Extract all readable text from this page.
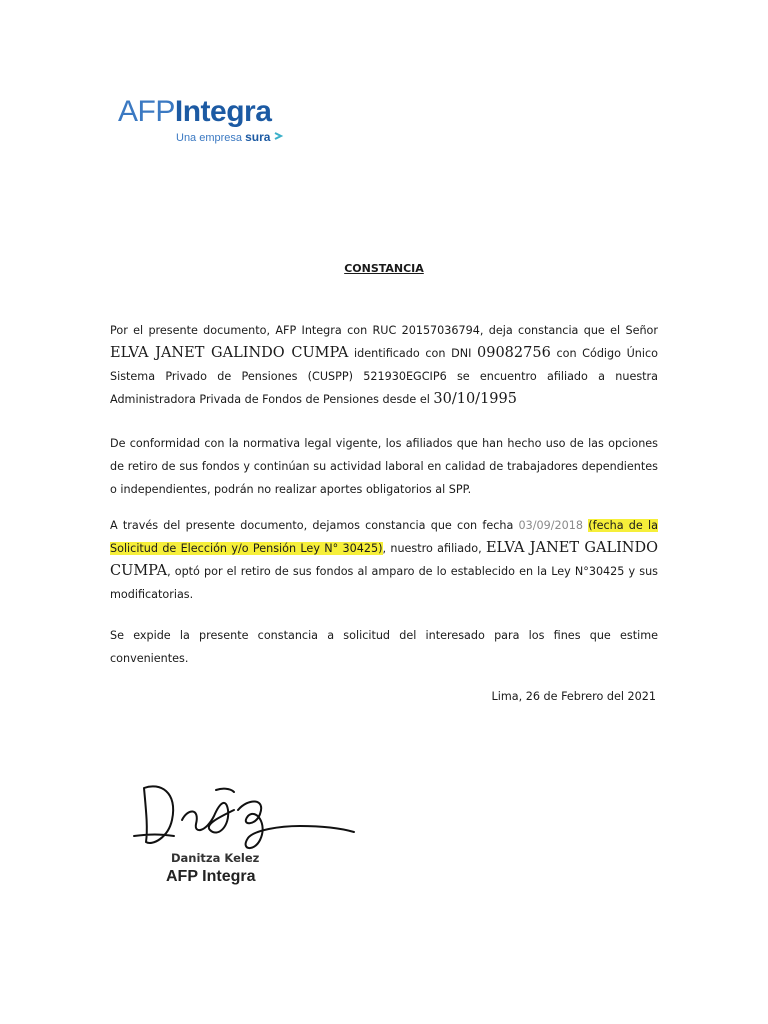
AFPIntegra
Una empresa sura
CONSTANCIA
Por el presente documento, AFP Integra con RUC 20157036794, deja constancia que el Señor ELVA JANET GALINDO CUMPA identificado con DNI 09082756 con Código Único Sistema Privado de Pensiones (CUSPP) 521930EGCIP6 se encuentro afiliado a nuestra Administradora Privada de Fondos de Pensiones desde el 30/10/1995
De conformidad con la normativa legal vigente, los afiliados que han hecho uso de las opciones de retiro de sus fondos y continúan su actividad laboral en calidad de trabajadores dependientes o independientes, podrán no realizar aportes obligatorios al SPP.
A través del presente documento, dejamos constancia que con fecha 03/09/2018 (fecha de la Solicitud de Elección y/o Pensión Ley N° 30425), nuestro afiliado, ELVA JANET GALINDO CUMPA, optó por el retiro de sus fondos al amparo de lo establecido en la Ley N°30425 y sus modificatorias.
Se expide la presente constancia a solicitud del interesado para los fines que estime convenientes.
Lima, 26 de Febrero del 2021
Danitza Kelez
AFP Integra
